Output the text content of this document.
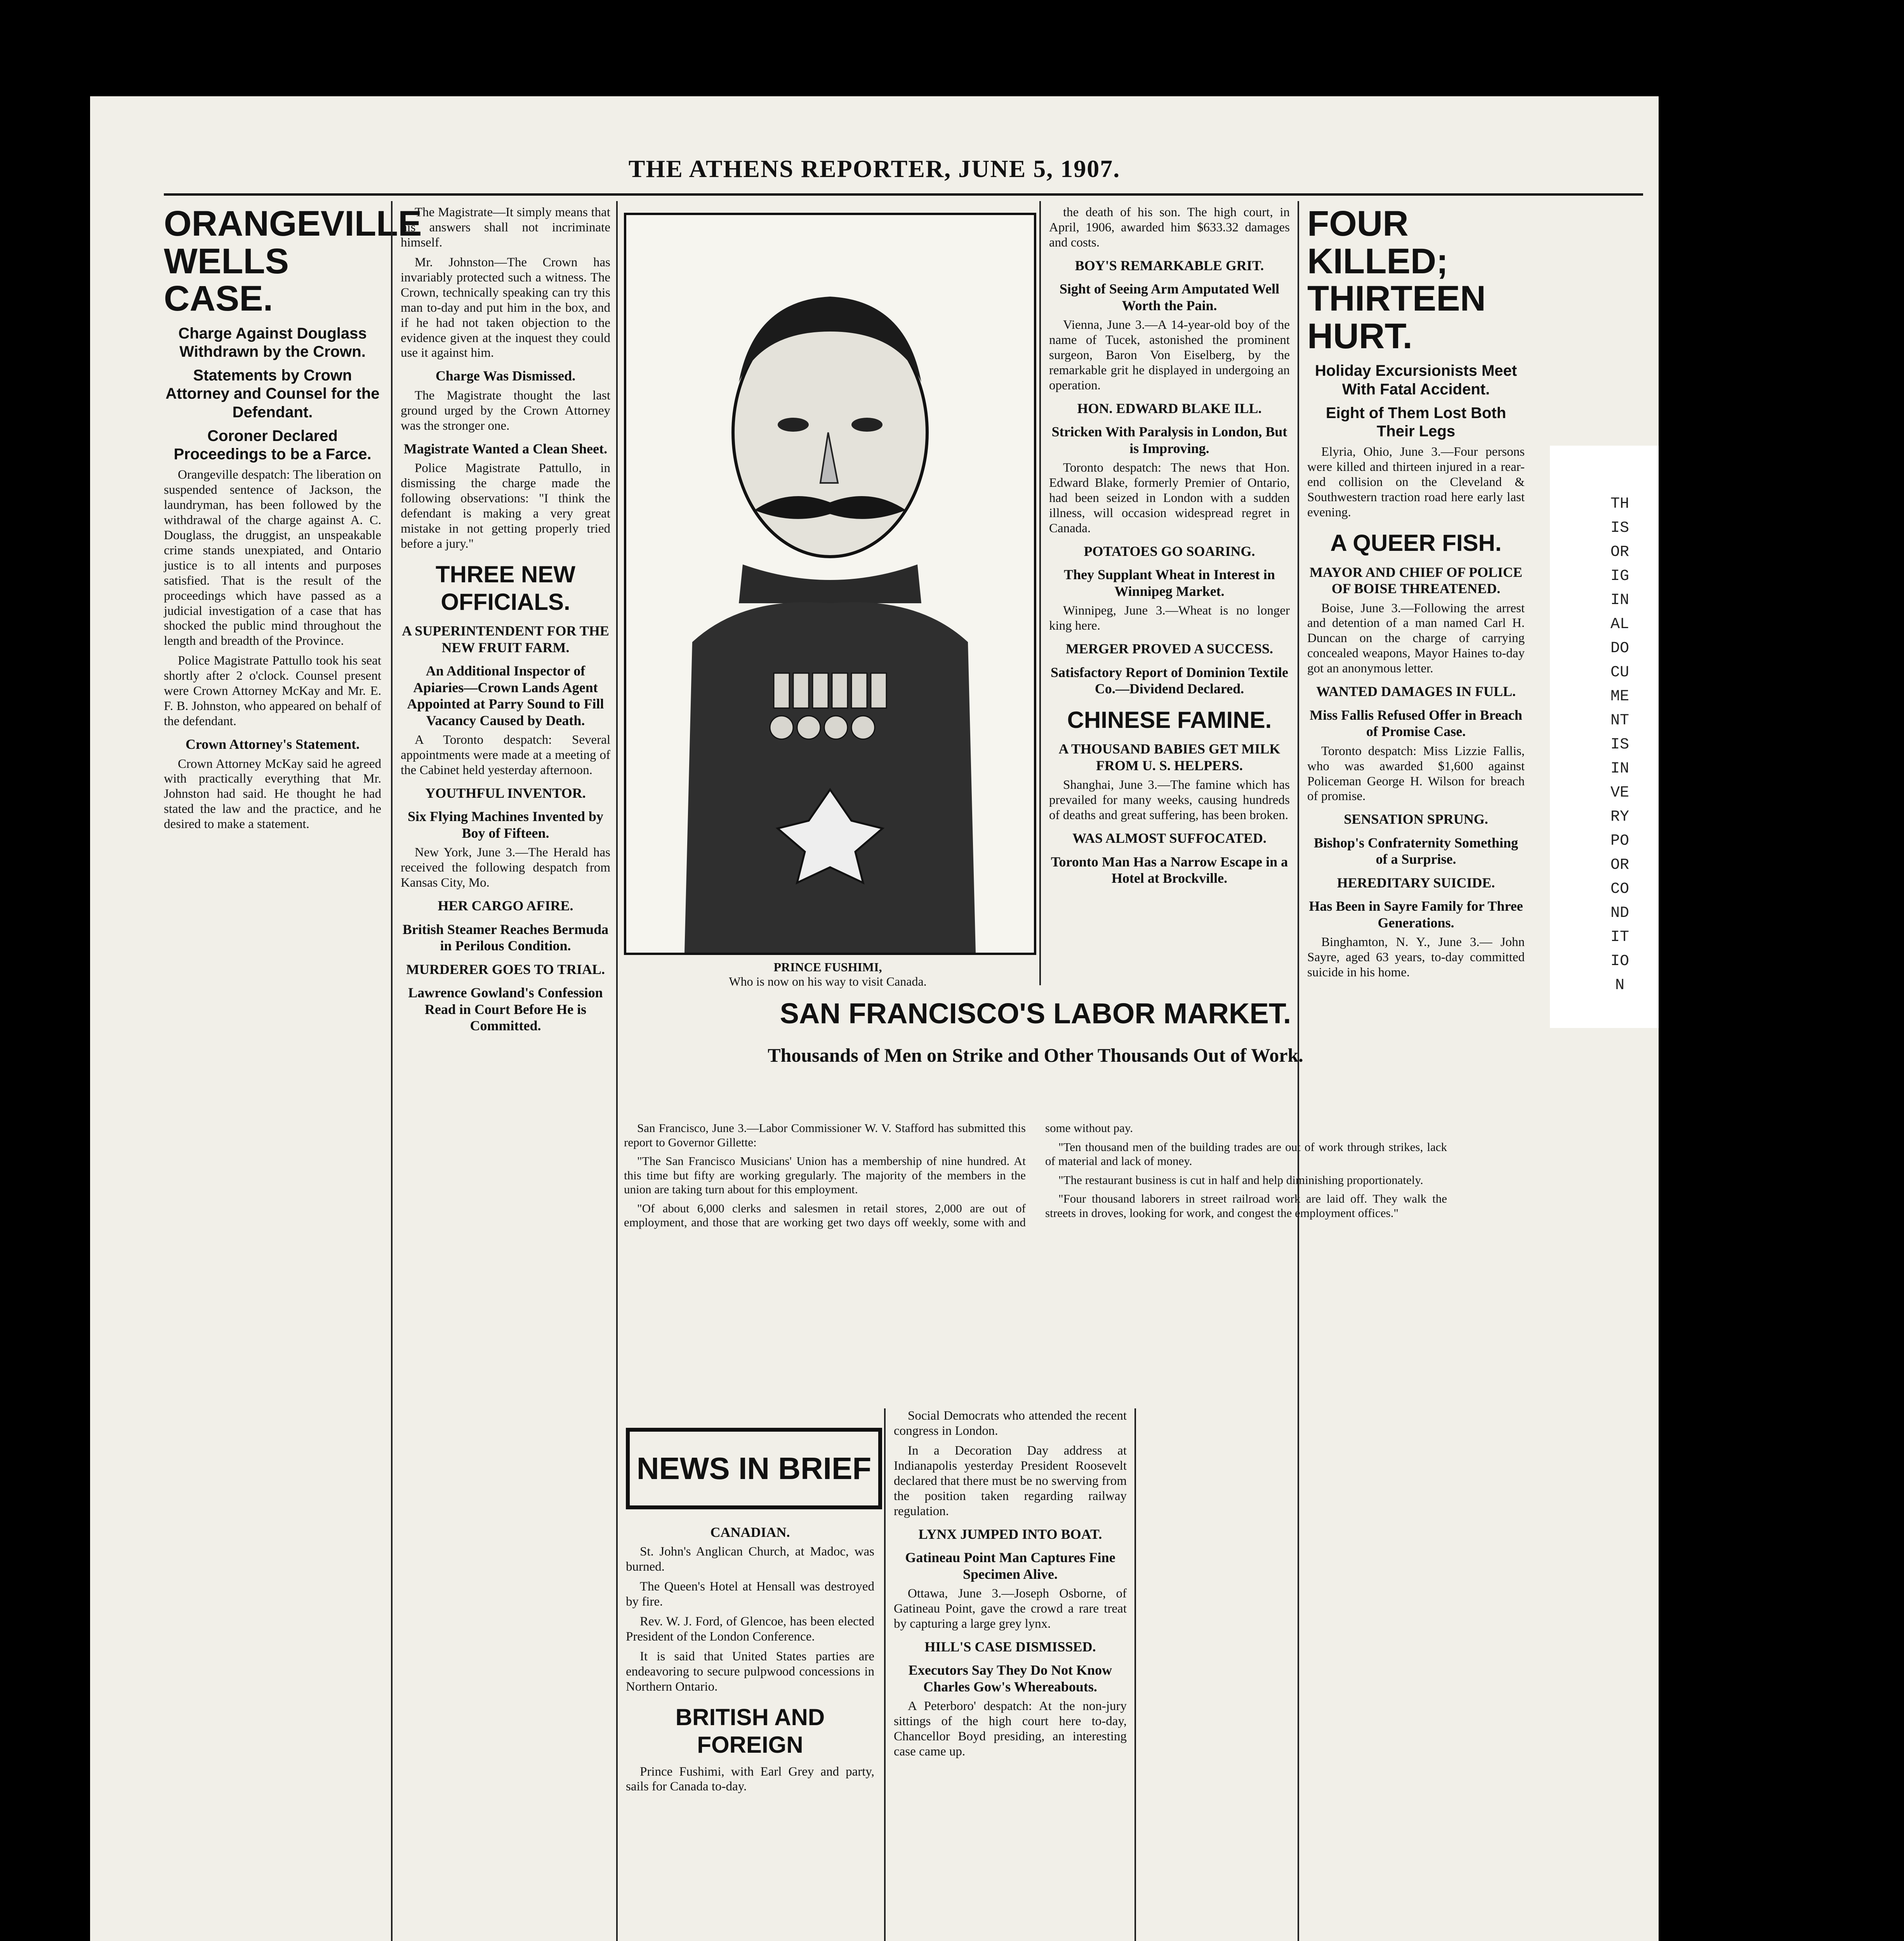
THE ATHENS REPORTER, JUNE 5, 1907.
ORANGEVILLE WELLS CASE.
Charge Against Douglass Withdrawn by the Crown.
Statements by Crown Attorney and Counsel for the Defendant.
Coroner Declared Proceedings to be a Farce.

Orangeville despatch: The liberation on suspended sentence of Jackson, the laundryman, has been followed by the withdrawal of the charge against A. C. Douglass, the druggist, an unspeakable crime stands unexpiated, and Ontario justice is to all intents and purposes satisfied. That is the result of the proceedings which have passed as a judicial investigation of a case that has shocked the public mind throughout the length and breadth of the Province.

Police Magistrate Pattullo took his seat shortly after 2 o'clock. Counsel present were Crown Attorney McKay and Mr. E. F. B. Johnston, who appeared on behalf of the defendant.

Crown Attorney's Statement.

Crown Attorney McKay said he agreed with practically everything that Mr. Johnston had said. He thought he had stated the law and the practice, and he desired to make a statement.

The Magistrate—It simply means that his answers shall not incriminate himself.

Mr. Johnston—The Crown has invariably protected such a witness. The Crown, technically speaking can try this man to-day and put him in the box, and if he had not taken objection to the evidence given at the inquest they could use it against him.

Charge Was Dismissed.

The Magistrate thought the last ground urged by the Crown Attorney was the stronger one.

Magistrate Wanted a Clean Sheet.

Police Magistrate Pattullo, in dismissing the charge made the following observations: "I think the defendant is making a very great mistake in not getting properly tried before a jury."

THREE NEW OFFICIALS.
A SUPERINTENDENT FOR THE NEW FRUIT FARM.
An Additional Inspector of Apiaries—Crown Lands Agent Appointed at Parry Sound to Fill Vacancy Caused by Death.

A Toronto despatch: Several appointments were made at a meeting of the Cabinet held yesterday afternoon.

YOUTHFUL INVENTOR.
Six Flying Machines Invented by Boy of Fifteen.

New York, June 3.—The Herald has received the following despatch from Kansas City, Mo.

HER CARGO AFIRE.
British Steamer Reaches Bermuda in Perilous Condition.
MURDERER GOES TO TRIAL.
Lawrence Gowland's Confession Read in Court Before He is Committed.
PRINCE FUSHIMI,
Who is now on his way to visit Canada.
SAN FRANCISCO'S LABOR MARKET.
Thousands of Men on Strike and Other Thousands Out of Work.

San Francisco, June 3.—Labor Commissioner W. V. Stafford has submitted this report to Governor Gillette:

"The San Francisco Musicians' Union has a membership of nine hundred. At this time but fifty are working gregularly. The majority of the members in the union are taking turn about for this employment.

"Of about 6,000 clerks and salesmen in retail stores, 2,000 are out of employment, and those that are working get two days off weekly, some with and some without pay.

"Ten thousand men of the building trades are out of work through strikes, lack of material and lack of money.

"The restaurant business is cut in half and help diminishing proportionately.

"Four thousand laborers in street railroad work are laid off. They walk the streets in droves, looking for work, and congest the employment offices."

NEWS IN BRIEF
CANADIAN.

St. John's Anglican Church, at Madoc, was burned.

The Queen's Hotel at Hensall was destroyed by fire.

Rev. W. J. Ford, of Glencoe, has been elected President of the London Conference.

It is said that United States parties are endeavoring to secure pulpwood concessions in Northern Ontario.

BRITISH AND FOREIGN

Prince Fushimi, with Earl Grey and party, sails for Canada to-day.

Social Democrats who attended the recent congress in London.

In a Decoration Day address at Indianapolis yesterday President Roosevelt declared that there must be no swerving from the position taken regarding railway regulation.

LYNX JUMPED INTO BOAT.
Gatineau Point Man Captures Fine Specimen Alive.

Ottawa, June 3.—Joseph Osborne, of Gatineau Point, gave the crowd a rare treat by capturing a large grey lynx.

HILL'S CASE DISMISSED.
Executors Say They Do Not Know Charles Gow's Whereabouts.

A Peterboro' despatch: At the non-jury sittings of the high court here to-day, Chancellor Boyd presiding, an interesting case came up.

the death of his son. The high court, in April, 1906, awarded him $633.32 damages and costs.

BOY'S REMARKABLE GRIT.
Sight of Seeing Arm Amputated Well Worth the Pain.

Vienna, June 3.—A 14-year-old boy of the name of Tucek, astonished the prominent surgeon, Baron Von Eiselberg, by the remarkable grit he displayed in undergoing an operation.

HON. EDWARD BLAKE ILL.
Stricken With Paralysis in London, But is Improving.

Toronto despatch: The news that Hon. Edward Blake, formerly Premier of Ontario, had been seized in London with a sudden illness, will occasion widespread regret in Canada.

POTATOES GO SOARING.
They Supplant Wheat in Interest in Winnipeg Market.

Winnipeg, June 3.—Wheat is no longer king here.

MERGER PROVED A SUCCESS.
Satisfactory Report of Dominion Textile Co.—Dividend Declared.
CHINESE FAMINE.
A THOUSAND BABIES GET MILK FROM U. S. HELPERS.

Shanghai, June 3.—The famine which has prevailed for many weeks, causing hundreds of deaths and great suffering, has been broken.

WAS ALMOST SUFFOCATED.
Toronto Man Has a Narrow Escape in a Hotel at Brockville.
FOUR KILLED; THIRTEEN HURT.
Holiday Excursionists Meet With Fatal Accident.
Eight of Them Lost Both Their Legs

Elyria, Ohio, June 3.—Four persons were killed and thirteen injured in a rear-end collision on the Cleveland & Southwestern traction road here early last evening.

A QUEER FISH.
MAYOR AND CHIEF OF POLICE OF BOISE THREATENED.

Boise, June 3.—Following the arrest and detention of a man named Carl H. Duncan on the charge of carrying concealed weapons, Mayor Haines to-day got an anonymous letter.

WANTED DAMAGES IN FULL.
Miss Fallis Refused Offer in Breach of Promise Case.

Toronto despatch: Miss Lizzie Fallis, who was awarded $1,600 against Policeman George H. Wilson for breach of promise.

SENSATION SPRUNG.
Bishop's Confraternity Something of a Surprise.
HEREDITARY SUICIDE.
Has Been in Sayre Family for Three Generations.

Binghamton, N. Y., June 3.— John Sayre, aged 63 years, to-day committed suicide in his home.

THIS ORIGINAL DOCUMENT IS IN VERY POOR CONDITION
